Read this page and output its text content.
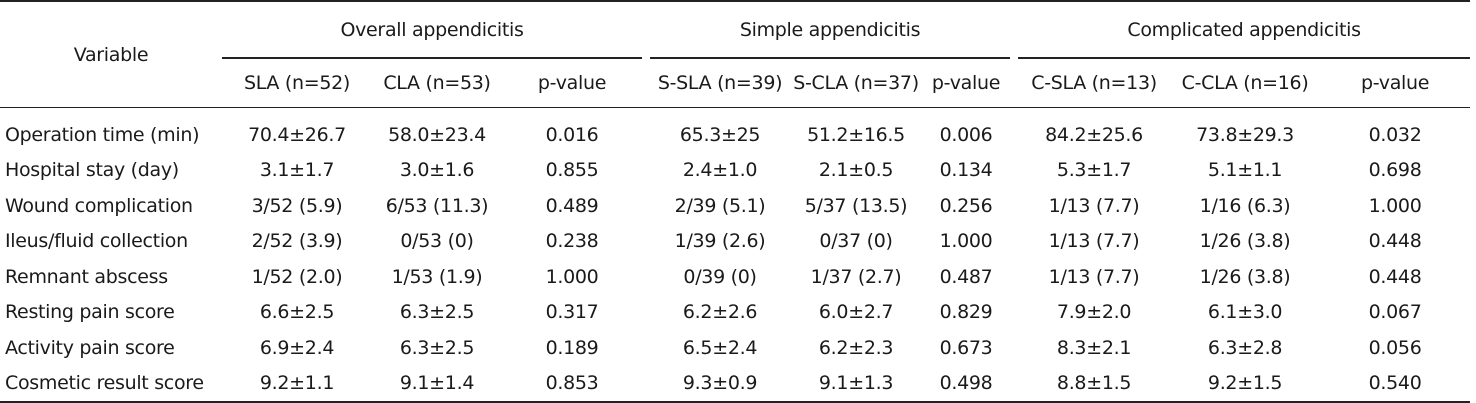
Variable	Overall appendicitis				Simple appendicitis				Complicated appendicitis		
	SLA (n=52)	CLA (n=53)	p-value		S-SLA (n=39)	S-CLA (n=37)	p-value		C-SLA (n=13)	C-CLA (n=16)	p-value
Operation time (min)	70.4±26.7	58.0±23.4	0.016		65.3±25	51.2±16.5	0.006		84.2±25.6	73.8±29.3	0.032
Hospital stay (day)	3.1±1.7	3.0±1.6	0.855		2.4±1.0	2.1±0.5	0.134		5.3±1.7	5.1±1.1	0.698
Wound complication	3/52 (5.9)	6/53 (11.3)	0.489		2/39 (5.1)	5/37 (13.5)	0.256		1/13 (7.7)	1/16 (6.3)	1.000
Ileus/fluid collection	2/52 (3.9)	0/53 (0)	0.238		1/39 (2.6)	0/37 (0)	1.000		1/13 (7.7)	1/26 (3.8)	0.448
Remnant abscess	1/52 (2.0)	1/53 (1.9)	1.000		0/39 (0)	1/37 (2.7)	0.487		1/13 (7.7)	1/26 (3.8)	0.448
Resting pain score	6.6±2.5	6.3±2.5	0.317		6.2±2.6	6.0±2.7	0.829		7.9±2.0	6.1±3.0	0.067
Activity pain score	6.9±2.4	6.3±2.5	0.189		6.5±2.4	6.2±2.3	0.673		8.3±2.1	6.3±2.8	0.056
Cosmetic result score	9.2±1.1	9.1±1.4	0.853		9.3±0.9	9.1±1.3	0.498		8.8±1.5	9.2±1.5	0.540
